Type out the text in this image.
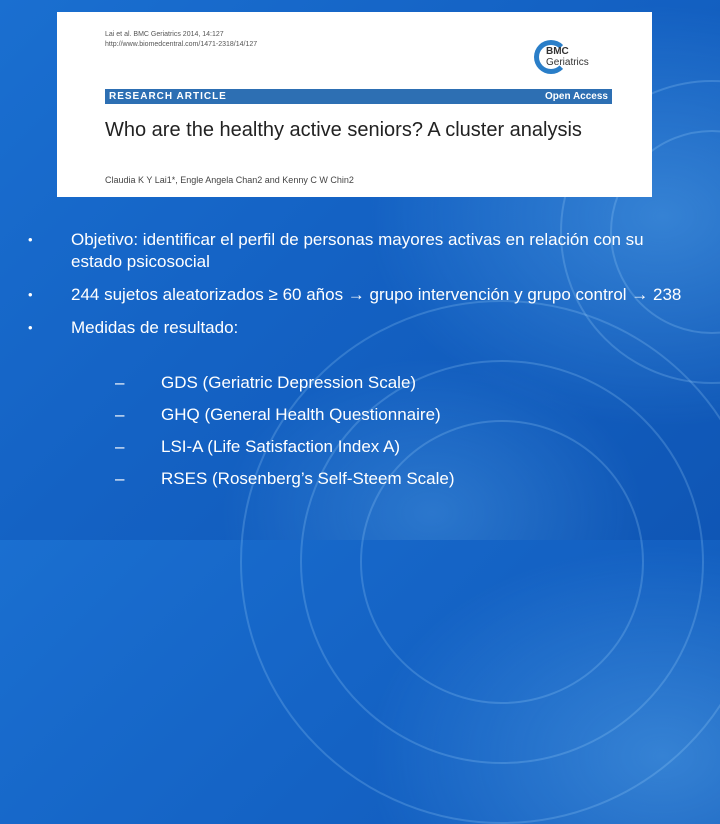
Lai et al. BMC Geriatrics 2014, 14:127
http://www.biomedcentral.com/1471-2318/14/127
BMC
Geriatrics
RESEARCH ARTICLE	Open Access
Who are the healthy active seniors? A cluster analysis
Claudia K Y Lai1*, Engle Angela Chan2 and Kenny C W Chin2
• Objetivo: identificar el perfil de personas mayores activas en relación con su estado psicosocial
• 244 sujetos aleatorizados ≥ 60 años → grupo intervención y grupo control → 238
• Medidas de resultado:
– GDS (Geriatric Depression Scale)
– GHQ (General Health Questionnaire)
– LSI-A (Life Satisfaction Index A)
– RSES (Rosenberg’s Self-Steem Scale)
